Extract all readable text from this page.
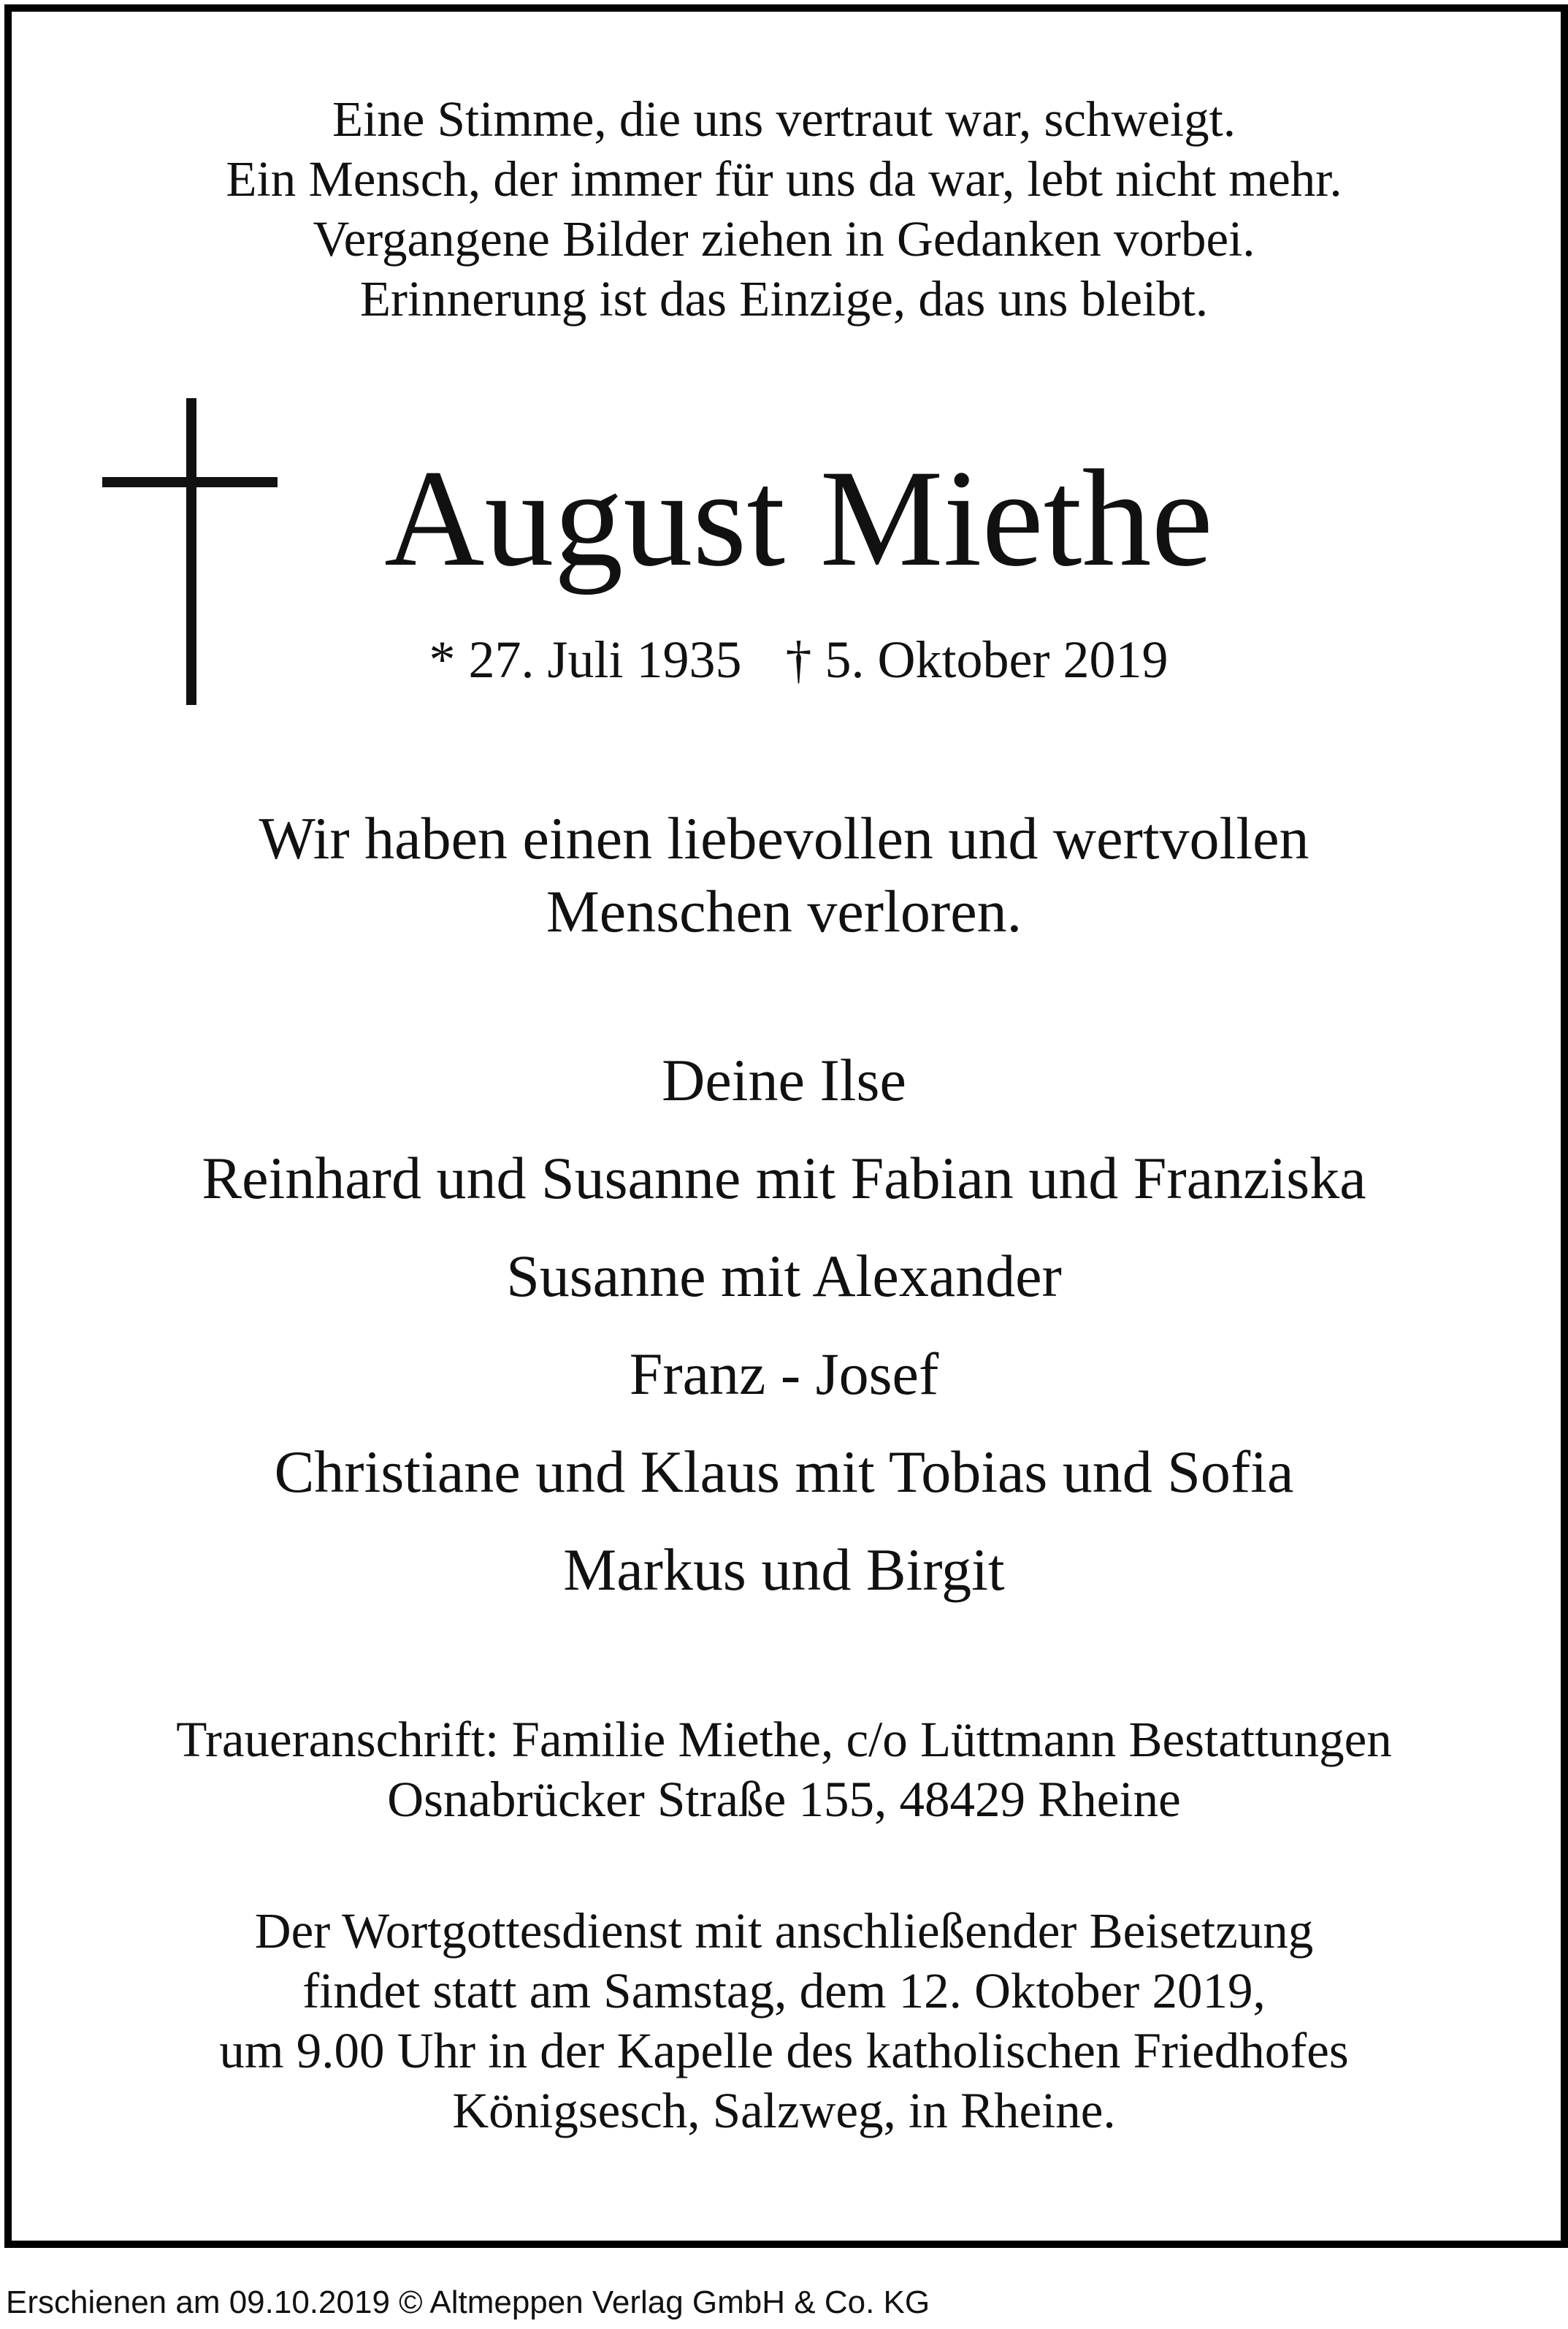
Eine Stimme, die uns vertraut war, schweigt.
Ein Mensch, der immer für uns da war, lebt nicht mehr.
Vergangene Bilder ziehen in Gedanken vorbei.
Erinnerung ist das Einzige, das uns bleibt.
August Miethe
* 27. Juli 1935 † 5. Oktober 2019
Wir haben einen liebevollen und wertvollen
Menschen verloren.
Deine Ilse
Reinhard und Susanne mit Fabian und Franziska
Susanne mit Alexander
Franz - Josef
Christiane und Klaus mit Tobias und Sofia
Markus und Birgit
Traueranschrift: Familie Miethe, c/o Lüttmann Bestattungen
Osnabrücker Straße 155, 48429 Rheine
Der Wortgottesdienst mit anschließender Beisetzung
findet statt am Samstag, dem 12. Oktober 2019,
um 9.00 Uhr in der Kapelle des katholischen Friedhofes
Königsesch, Salzweg, in Rheine.
Erschienen am 09.10.2019 © Altmeppen Verlag GmbH & Co. KG
